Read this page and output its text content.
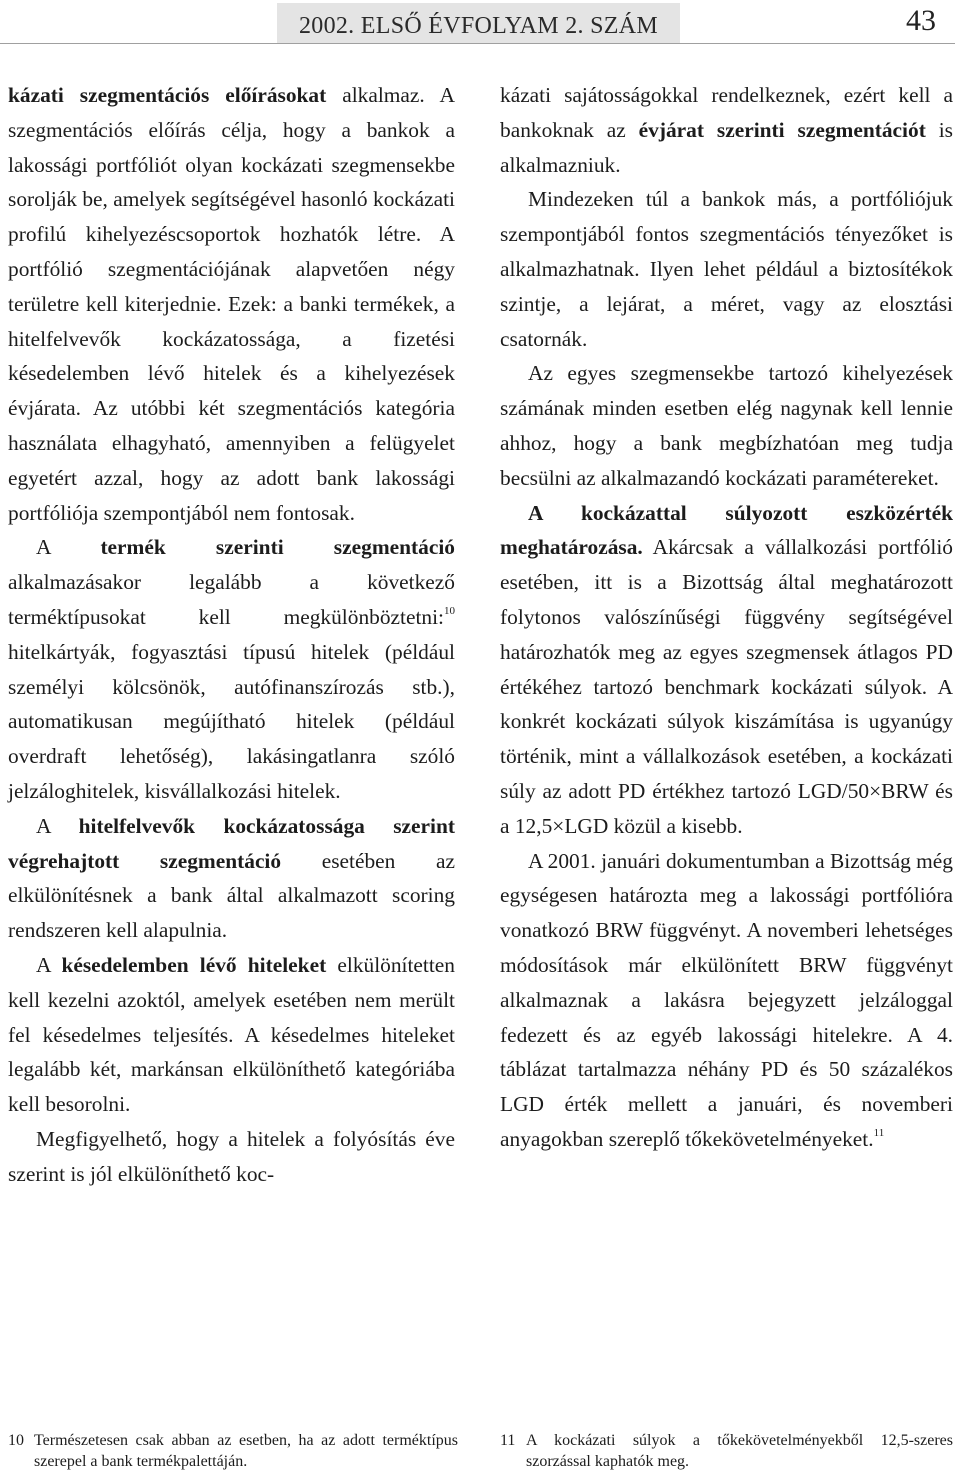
2002. ELSŐ ÉVFOLYAM 2. SZÁM	43

kázati szegmentációs előírásokat alkalmaz. A szegmentációs előírás célja, hogy a bankok a lakossági portfóliót olyan kockázati szegmensekbe sorolják be, amelyek segítségével hasonló kockázati profilú kihelyezéscsoportok hozhatók létre. A portfólió szegmentációjának alapvetően négy területre kell kiterjednie. Ezek: a banki termékek, a hitelfelvevők kockázatossága, a fizetési késedelemben lévő hitelek és a kihelyezések évjárata. Az utóbbi két szegmentációs kategória használata elhagyható, amennyiben a felügyelet egyetért azzal, hogy az adott bank lakossági portfóliója szempontjából nem fontosak.

A termék szerinti szegmentáció alkalmazásakor legalább a következő terméktípusokat kell megkülönböztetni:$^{10}$ hitelkártyák, fogyasztási típusú hitelek (például személyi kölcsönök, autófinanszírozás stb.), automatikusan megújítható hitelek (például overdraft lehetőség), lakásingatlanra szóló jelzáloghitelek, kisvállalkozási hitelek.

A hitelfelvevők kockázatossága szerint végrehajtott szegmentáció esetében az elkülönítésnek a bank által alkalmazott scoring rendszeren kell alapulnia.

A késedelemben lévő hiteleket elkülönítetten kell kezelni azoktól, amelyek esetében nem merült fel késedelmes teljesítés. A késedelmes hiteleket legalább két, markánsan elkülöníthető kategóriába kell besorolni.

Megfigyelhető, hogy a hitelek a folyósítás éve szerint is jól elkülöníthető koc-

kázati sajátosságokkal rendelkeznek, ezért kell a bankoknak az évjárat szerinti szegmentációt is alkalmazniuk.

Mindezeken túl a bankok más, a portfóliójuk szempontjából fontos szegmentációs tényezőket is alkalmazhatnak. Ilyen lehet például a biztosítékok szintje, a lejárat, a méret, vagy az elosztási csatornák.

Az egyes szegmensekbe tartozó kihelyezések számának minden esetben elég nagynak kell lennie ahhoz, hogy a bank megbízhatóan meg tudja becsülni az alkalmazandó kockázati paramétereket.

A kockázattal súlyozott eszközérték meghatározása. Akárcsak a vállalkozási portfólió esetében, itt is a Bizottság által meghatározott folytonos valószínűségi függvény segítségével határozhatók meg az egyes szegmensek átlagos PD értékéhez tartozó benchmark kockázati súlyok. A konkrét kockázati súlyok kiszámítása is ugyanúgy történik, mint a vállalkozások esetében, a kockázati súly az adott PD értékhez tartozó LGD/50×BRW és a 12,5×LGD közül a kisebb.

A 2001. januári dokumentumban a Bizottság még egységesen határozta meg a lakossági portfólióra vonatkozó BRW függvényt. A novemberi lehetséges módosítások már elkülönített BRW függvényt alkalmaznak a lakásra bejegyzett jelzáloggal fedezett és az egyéb lakossági hitelekre. A 4. táblázat tartalmazza néhány PD és 50 százalékos LGD érték mellett a januári, és novemberi anyagokban szereplő tőkekövetelményeket.$^{11}$

10 Természetesen csak abban az esetben, ha az adott terméktípus szerepel a bank termékpalettáján.
11 A kockázati súlyok a tőkekövetelményekből 12,5-szeres szorzással kaphatók meg.
